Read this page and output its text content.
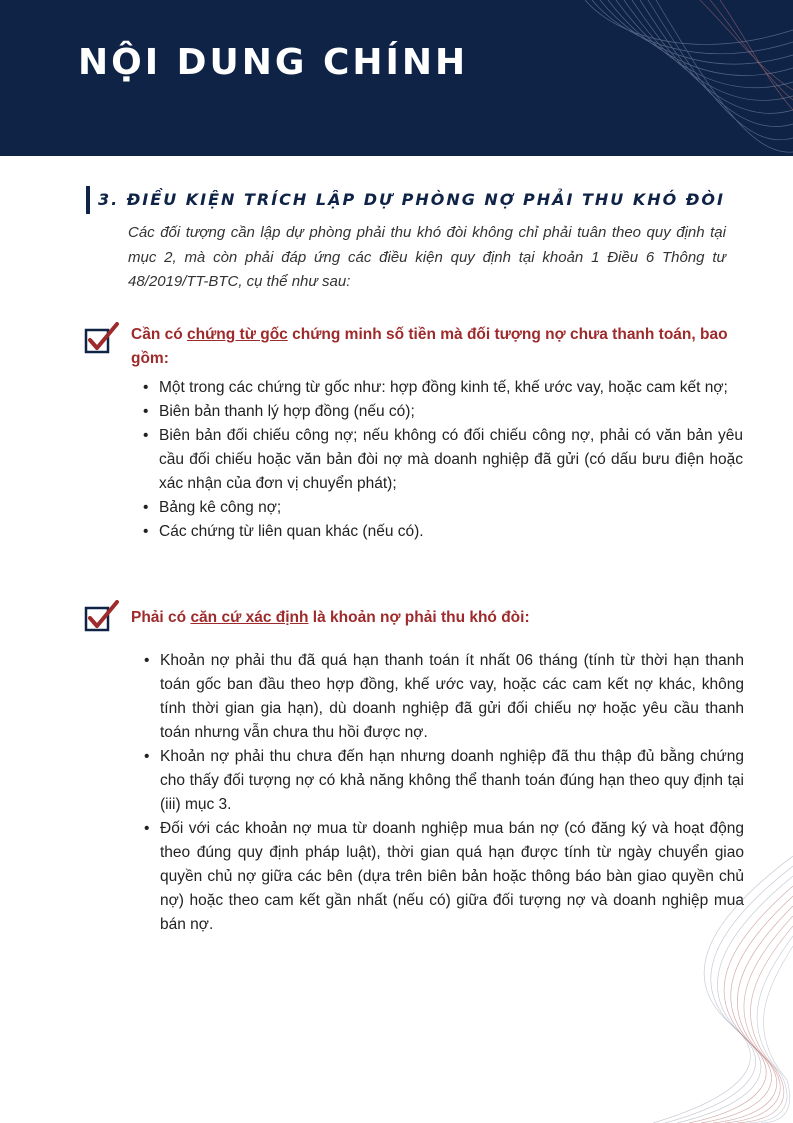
NỘI DUNG CHÍNH
3. ĐIỀU KIỆN TRÍCH LẬP DỰ PHÒNG NỢ PHẢI THU KHÓ ĐÒI
Các đối tượng cần lập dự phòng phải thu khó đòi không chỉ phải tuân theo quy định tại mục 2, mà còn phải đáp ứng các điều kiện quy định tại khoản 1 Điều 6 Thông tư 48/2019/TT-BTC, cụ thể như sau:
Cần có chứng từ gốc chứng minh số tiền mà đối tượng nợ chưa thanh toán, bao gồm:
• Một trong các chứng từ gốc như: hợp đồng kinh tế, khế ước vay, hoặc cam kết nợ;
• Biên bản thanh lý hợp đồng (nếu có);
• Biên bản đối chiếu công nợ; nếu không có đối chiếu công nợ, phải có văn bản yêu cầu đối chiếu hoặc văn bản đòi nợ mà doanh nghiệp đã gửi (có dấu bưu điện hoặc xác nhận của đơn vị chuyển phát);
• Bảng kê công nợ;
• Các chứng từ liên quan khác (nếu có).
Phải có căn cứ xác định là khoản nợ phải thu khó đòi:
• Khoản nợ phải thu đã quá hạn thanh toán ít nhất 06 tháng (tính từ thời hạn thanh toán gốc ban đầu theo hợp đồng, khế ước vay, hoặc các cam kết nợ khác, không tính thời gian gia hạn), dù doanh nghiệp đã gửi đối chiếu nợ hoặc yêu cầu thanh toán nhưng vẫn chưa thu hồi được nợ.
• Khoản nợ phải thu chưa đến hạn nhưng doanh nghiệp đã thu thập đủ bằng chứng cho thấy đối tượng nợ có khả năng không thể thanh toán đúng hạn theo quy định tại (iii) mục 3.
• Đối với các khoản nợ mua từ doanh nghiệp mua bán nợ (có đăng ký và hoạt động theo đúng quy định pháp luật), thời gian quá hạn được tính từ ngày chuyển giao quyền chủ nợ giữa các bên (dựa trên biên bản hoặc thông báo bàn giao quyền chủ nợ) hoặc theo cam kết gần nhất (nếu có) giữa đối tượng nợ và doanh nghiệp mua bán nợ.
